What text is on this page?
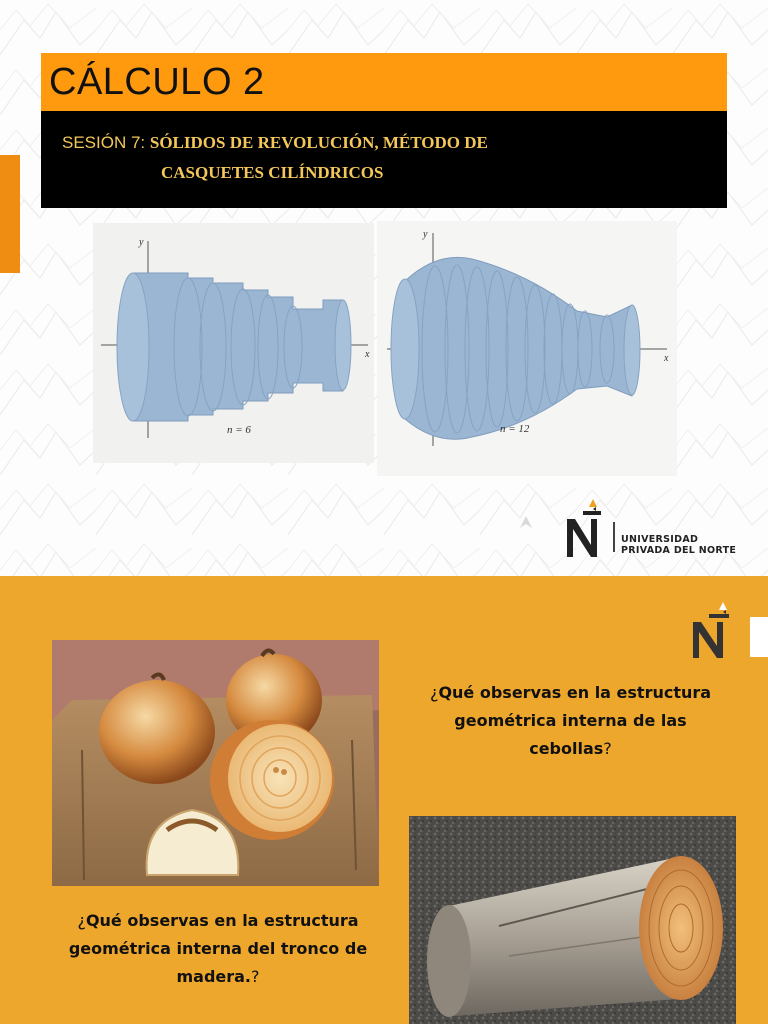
CÁLCULO 2
SESIÓN 7: SÓLIDOS DE REVOLUCIÓN, MÉTODO DE
CASQUETES CILÍNDRICOS
y
x
n = 6
y
x
n = 12
UNIVERSIDAD
PRIVADA DEL NORTE
¿Qué observas en la estructura geométrica interna de las cebollas?
¿Qué observas en la estructura geométrica interna del tronco de madera.?
